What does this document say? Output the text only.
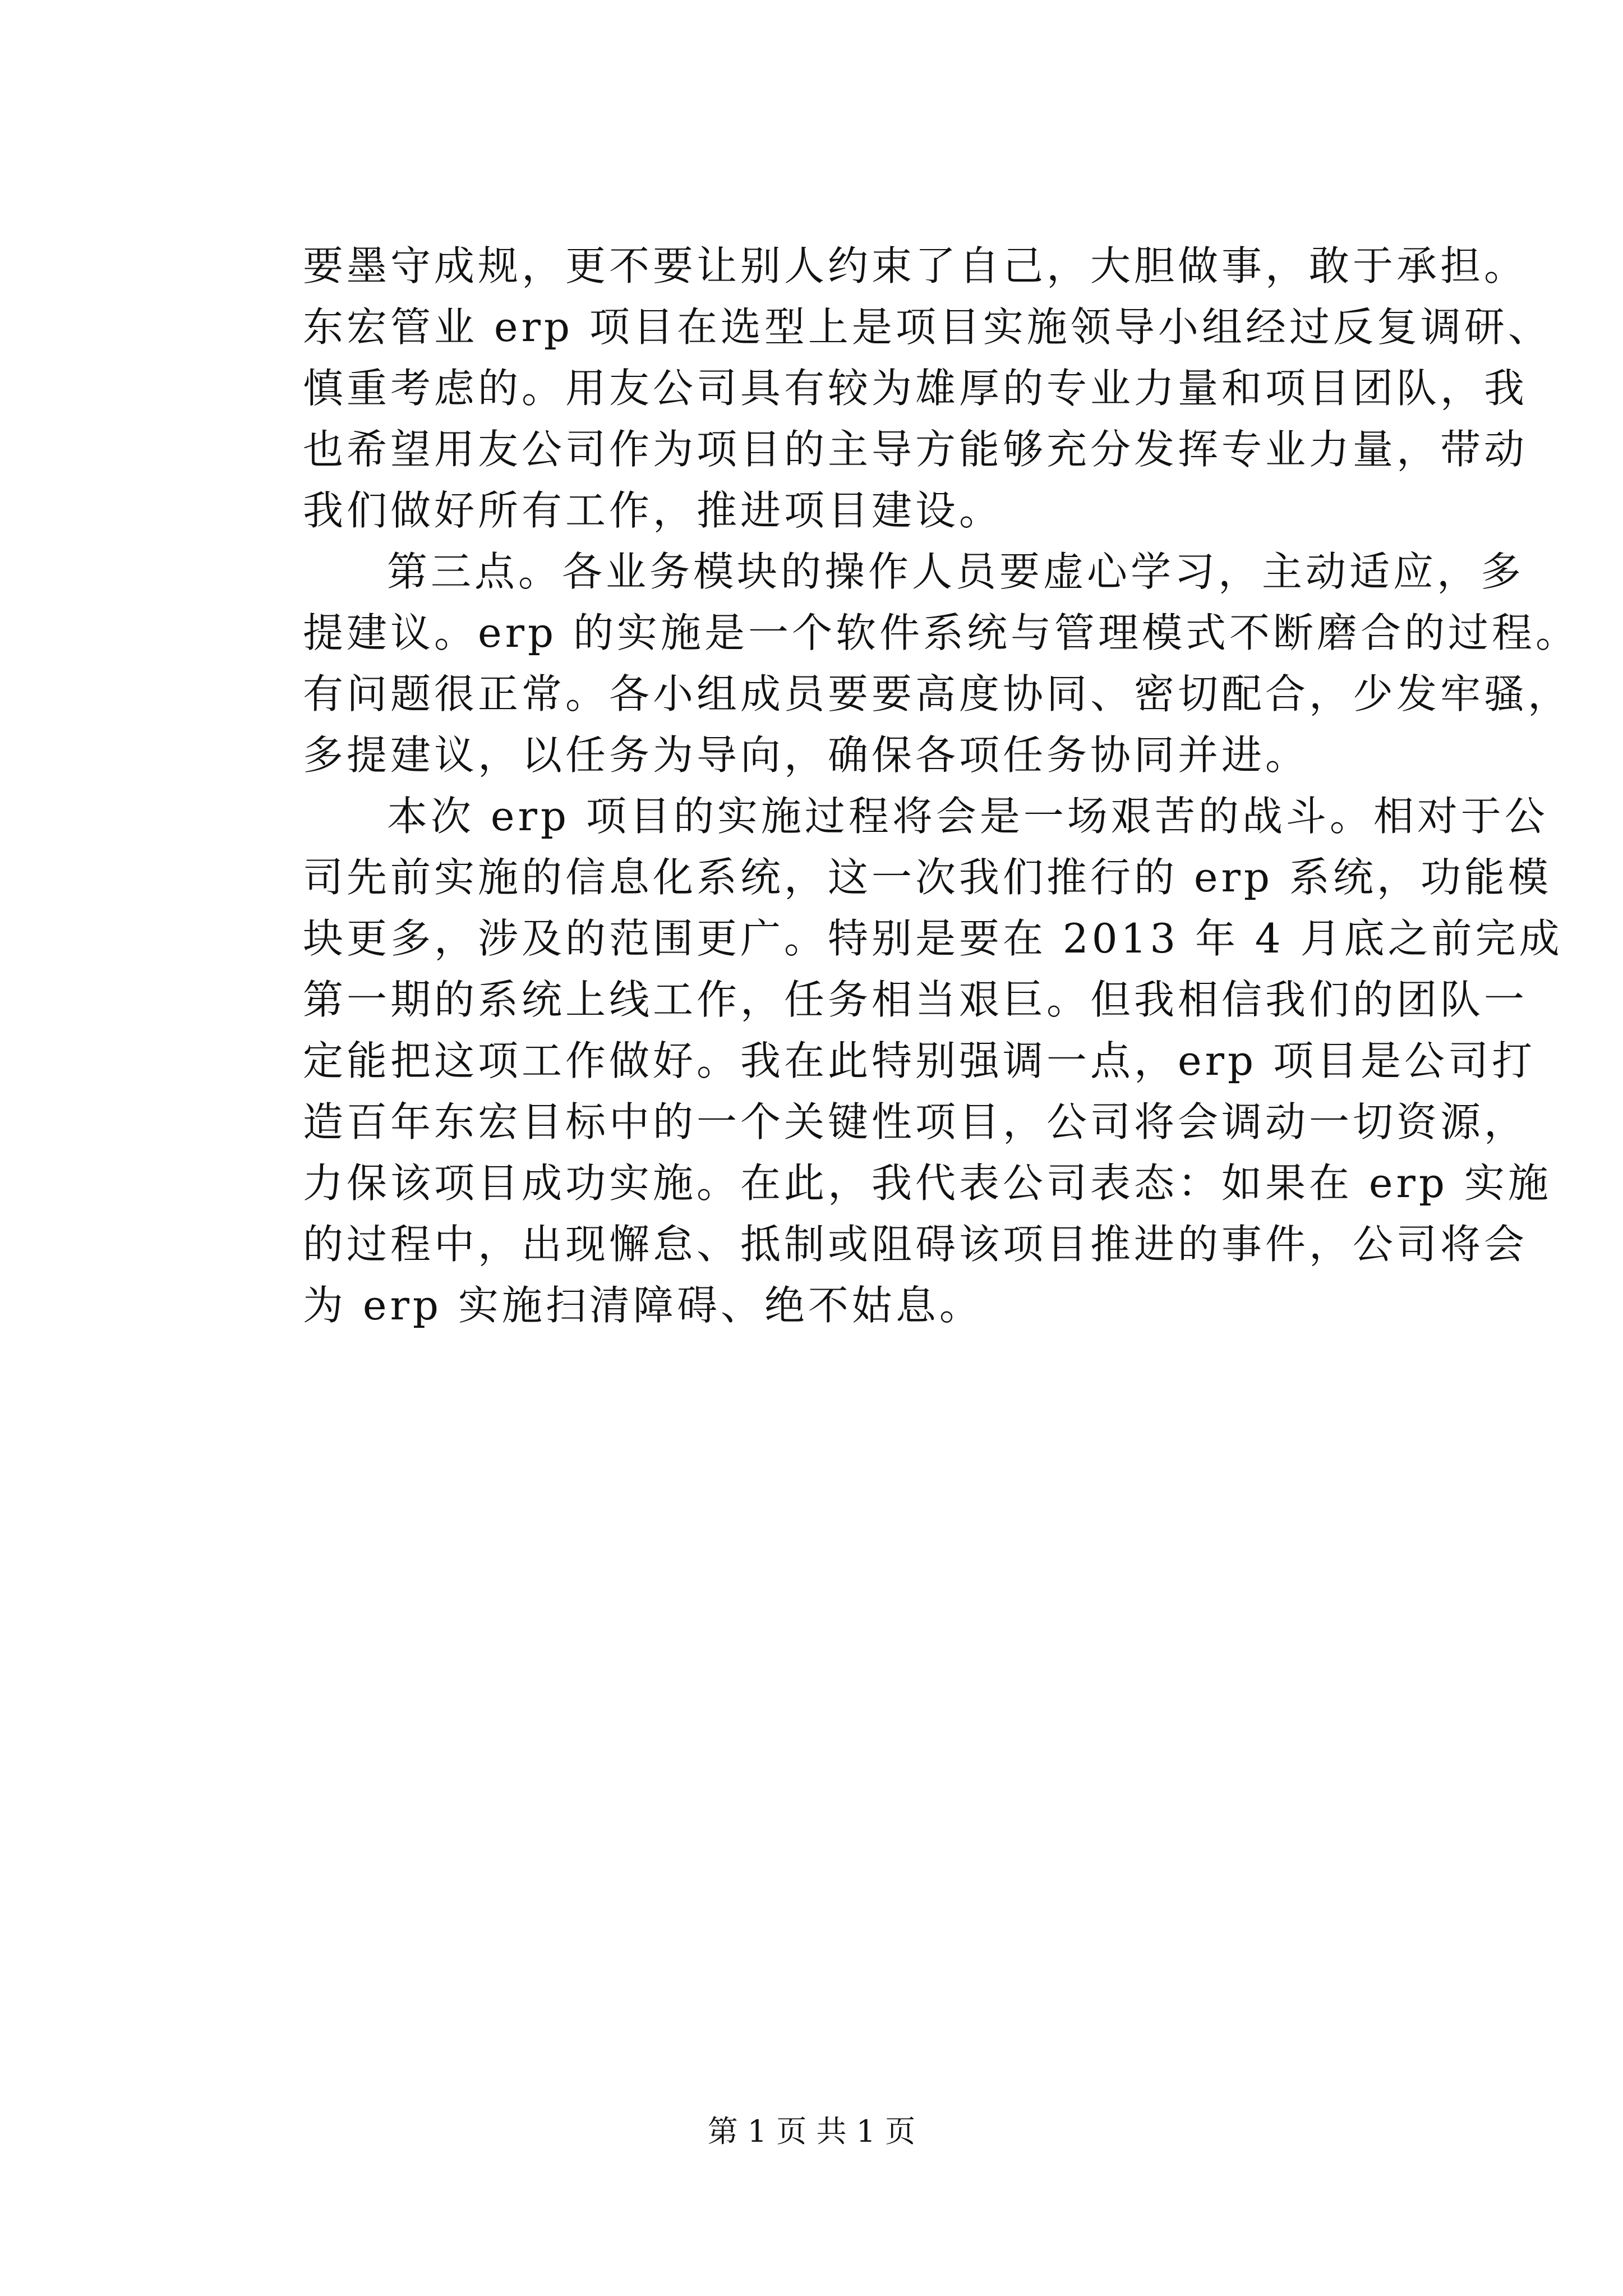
要墨守成规，更不要让别人约束了自己，大胆做事，敢于承担。
东宏管业 erp 项目在选型上是项目实施领导小组经过反复调研、
慎重考虑的。用友公司具有较为雄厚的专业力量和项目团队，我
也希望用友公司作为项目的主导方能够充分发挥专业力量，带动
我们做好所有工作，推进项目建设。
第三点。各业务模块的操作人员要虚心学习，主动适应，多
提建议。erp 的实施是一个软件系统与管理模式不断磨合的过程。
有问题很正常。各小组成员要要高度协同、密切配合，少发牢骚，
多提建议，以任务为导向，确保各项任务协同并进。
本次 erp 项目的实施过程将会是一场艰苦的战斗。相对于公
司先前实施的信息化系统，这一次我们推行的 erp 系统，功能模
块更多，涉及的范围更广。特别是要在 2013 年 4 月底之前完成
第一期的系统上线工作，任务相当艰巨。但我相信我们的团队一
定能把这项工作做好。我在此特别强调一点，erp 项目是公司打
造百年东宏目标中的一个关键性项目，公司将会调动一切资源，
力保该项目成功实施。在此，我代表公司表态：如果在 erp 实施
的过程中，出现懈怠、抵制或阻碍该项目推进的事件，公司将会
为 erp 实施扫清障碍、绝不姑息。
第 1 页 共 1 页
